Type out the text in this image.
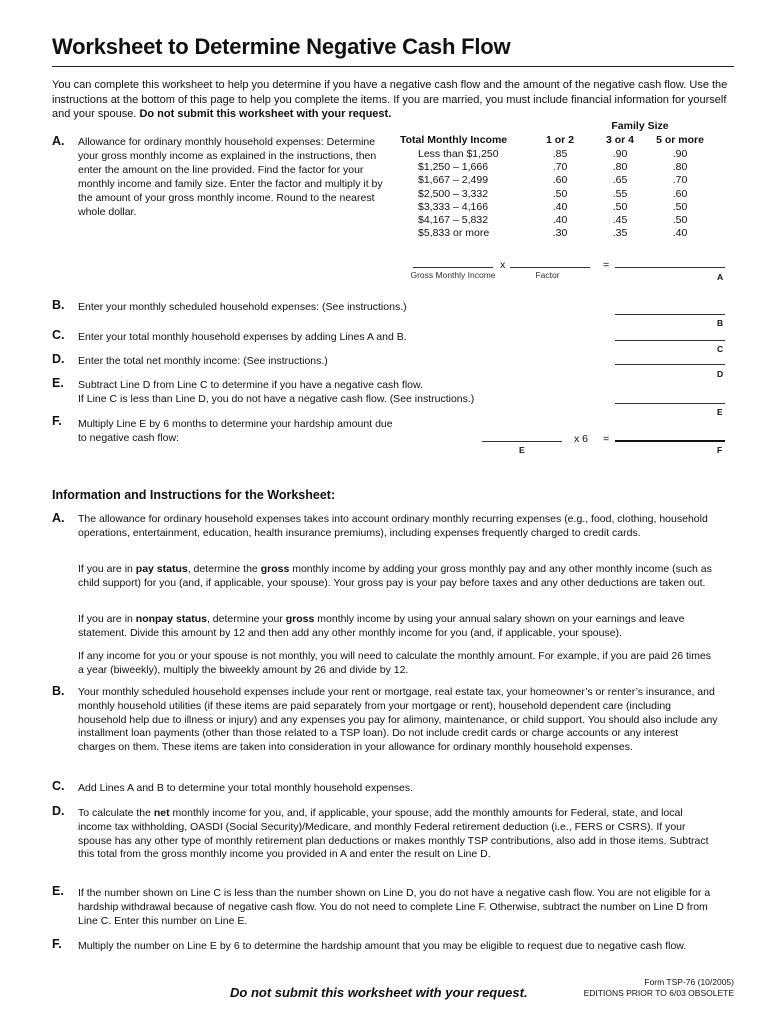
Worksheet to Determine Negative Cash Flow
You can complete this worksheet to help you determine if you have a negative cash flow and the amount of the negative cash flow. Use the instructions at the bottom of this page to help you complete the items. If you are married, you must include financial information for yourself and your spouse. Do not submit this worksheet with your request.
A. Allowance for ordinary monthly household expenses: Determine your gross monthly income as explained in the instructions, then enter the amount on the line provided. Find the factor for your monthly income and family size. Enter the factor and multiply it by the amount of your gross monthly income. Round to the nearest whole dollar.
Family Size
Total Monthly Income	1 or 2	3 or 4	5 or more
Less than $1,250	.85	.90	.90
$1,250 – 1,666	.70	.80	.80
$1,667 – 2,499	.60	.65	.70
$2,500 – 3,332	.50	.55	.60
$3,333 – 4,166	.40	.50	.50
$4,167 – 5,832	.40	.45	.50
$5,833 or more	.30	.35	.40
x	=
Gross Monthly Income	Factor	A
B. Enter your monthly scheduled household expenses: (See instructions.)
B
C. Enter your total monthly household expenses by adding Lines A and B.
C
D. Enter the total net monthly income: (See instructions.)
D
E. Subtract Line D from Line C to determine if you have a negative cash flow.
If Line C is less than Line D, you do not have a negative cash flow. (See instructions.)
E
F. Multiply Line E by 6 months to determine your hardship amount due to negative cash flow:	x 6 =
E	F
Information and Instructions for the Worksheet:
A. The allowance for ordinary household expenses takes into account ordinary monthly recurring expenses (e.g., food, clothing, household operations, entertainment, education, health insurance premiums), including expenses frequently charged to credit cards.
If you are in pay status, determine the gross monthly income by adding your gross monthly pay and any other monthly income (such as child support) for you (and, if applicable, your spouse). Your gross pay is your pay before taxes and any other deductions are taken out.
If you are in nonpay status, determine your gross monthly income by using your annual salary shown on your earnings and leave statement. Divide this amount by 12 and then add any other monthly income for you (and, if applicable, your spouse).
If any income for you or your spouse is not monthly, you will need to calculate the monthly amount. For example, if you are paid 26 times a year (biweekly), multiply the biweekly amount by 26 and divide by 12.
B. Your monthly scheduled household expenses include your rent or mortgage, real estate tax, your homeowner’s or renter’s insurance, and monthly household utilities (if these items are paid separately from your mortgage or rent), household dependent care (including household help due to illness or injury) and any expenses you pay for alimony, maintenance, or child support. You should also include any installment loan payments (other than those related to a TSP loan). Do not include credit cards or charge accounts or any interest charges on them. These items are taken into consideration in your allowance for ordinary monthly household expenses.
C. Add Lines A and B to determine your total monthly household expenses.
D. To calculate the net monthly income for you, and, if applicable, your spouse, add the monthly amounts for Federal, state, and local income tax withholding, OASDI (Social Security)/Medicare, and monthly Federal retirement deduction (i.e., FERS or CSRS). If your spouse has any other type of monthly retirement plan deductions or makes monthly TSP contributions, also add in those items. Subtract this total from the gross monthly income you provided in A and enter the result on Line D.
E. If the number shown on Line C is less than the number shown on Line D, you do not have a negative cash flow. You are not eligible for a hardship withdrawal because of negative cash flow. You do not need to complete Line F. Otherwise, subtract the number on Line D from Line C. Enter this number on Line E.
F. Multiply the number on Line E by 6 to determine the hardship amount that you may be eligible to request due to negative cash flow.
Do not submit this worksheet with your request.
Form TSP-76 (10/2005)
EDITIONS PRIOR TO 6/03 OBSOLETE
